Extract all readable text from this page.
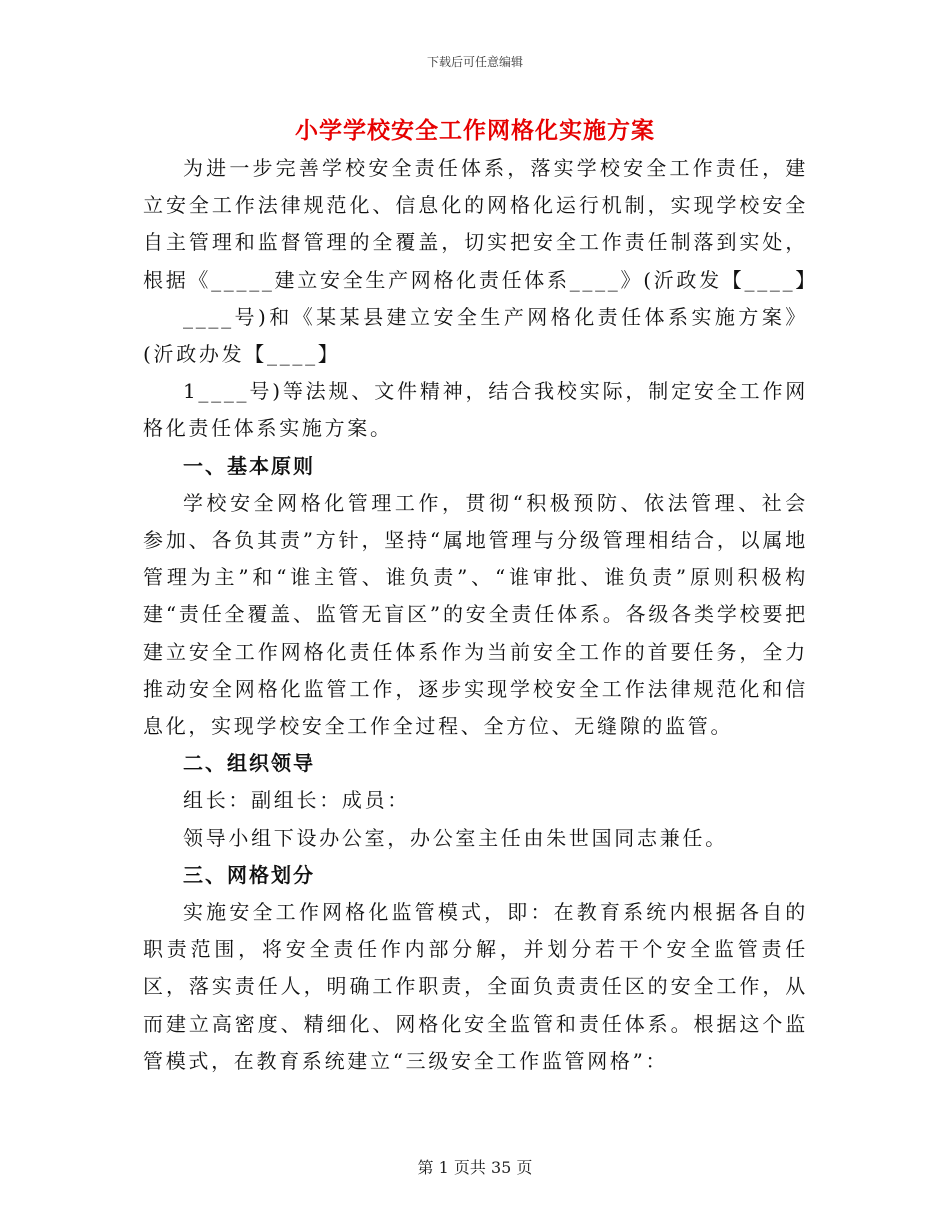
下载后可任意编辑
小学学校安全工作网格化实施方案

为进一步完善学校安全责任体系，落实学校安全工作责任，建立安全工作法律规范化、信息化的网格化运行机制，实现学校安全自主管理和监督管理的全覆盖，切实把安全工作责任制落到实处，根据《_____建立安全生产网格化责任体系____》(沂政发【____】

____号)和《某某县建立安全生产网格化责任体系实施方案》(沂政办发【____】

1____号)等法规、文件精神，结合我校实际，制定安全工作网格化责任体系实施方案。

一、基本原则

学校安全网格化管理工作，贯彻“积极预防、依法管理、社会参加、各负其责”方针，坚持“属地管理与分级管理相结合，以属地管理为主”和“谁主管、谁负责”、“谁审批、谁负责”原则积极构建“责任全覆盖、监管无盲区”的安全责任体系。各级各类学校要把建立安全工作网格化责任体系作为当前安全工作的首要任务，全力推动安全网格化监管工作，逐步实现学校安全工作法律规范化和信息化，实现学校安全工作全过程、全方位、无缝隙的监管。

二、组织领导

组长：副组长：成员：

领导小组下设办公室，办公室主任由朱世国同志兼任。

三、网格划分

实施安全工作网格化监管模式，即：在教育系统内根据各自的职责范围，将安全责任作内部分解，并划分若干个安全监管责任区，落实责任人，明确工作职责，全面负责责任区的安全工作，从而建立高密度、精细化、网格化安全监管和责任体系。根据这个监管模式，在教育系统建立“三级安全工作监管网格”：

第 1 页共 35 页
